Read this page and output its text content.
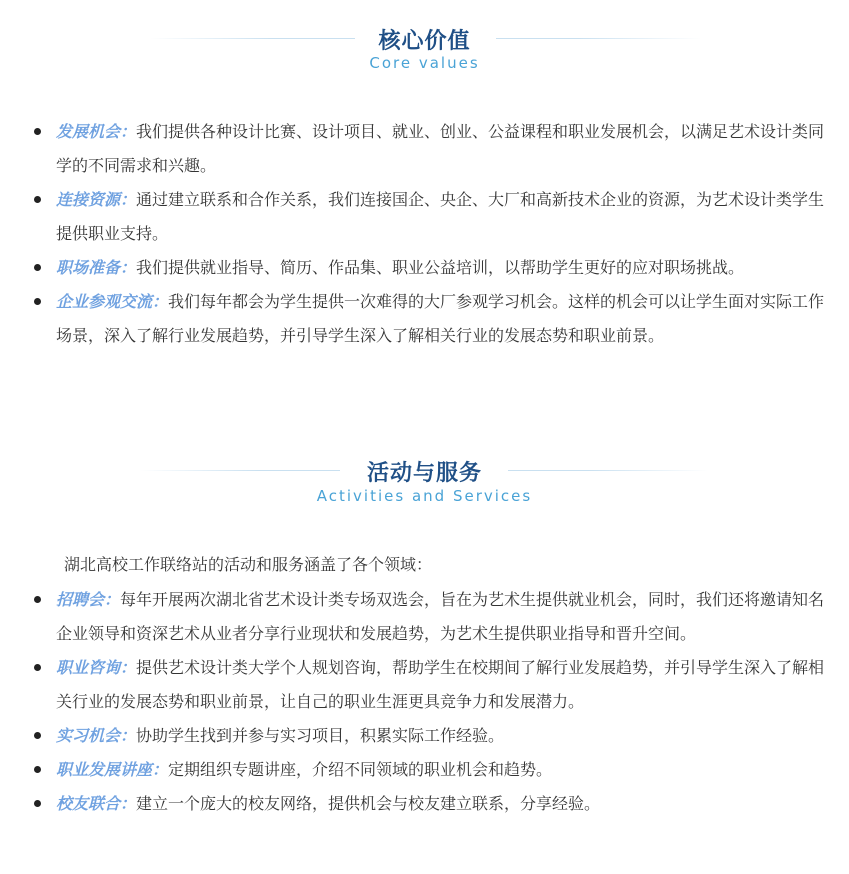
核心价值
Core values
发展机会：我们提供各种设计比赛、设计项目、就业、创业、公益课程和职业发展机会，以满足艺术设计类同学的不同需求和兴趣。
连接资源：通过建立联系和合作关系，我们连接国企、央企、大厂和高新技术企业的资源，为艺术设计类学生提供职业支持。
职场准备：我们提供就业指导、简历、作品集、职业公益培训，以帮助学生更好的应对职场挑战。
企业参观交流：我们每年都会为学生提供一次难得的大厂参观学习机会。这样的机会可以让学生面对实际工作场景，深入了解行业发展趋势，并引导学生深入了解相关行业的发展态势和职业前景。
活动与服务
Activities and Services
湖北高校工作联络站的活动和服务涵盖了各个领域：
招聘会：每年开展两次湖北省艺术设计类专场双选会，旨在为艺术生提供就业机会，同时，我们还将邀请知名企业领导和资深艺术从业者分享行业现状和发展趋势，为艺术生提供职业指导和晋升空间。
职业咨询：提供艺术设计类大学个人规划咨询，帮助学生在校期间了解行业发展趋势，并引导学生深入了解相关行业的发展态势和职业前景，让自己的职业生涯更具竞争力和发展潜力。
实习机会：协助学生找到并参与实习项目，积累实际工作经验。
职业发展讲座：定期组织专题讲座，介绍不同领域的职业机会和趋势。
校友联合：建立一个庞大的校友网络，提供机会与校友建立联系，分享经验。
